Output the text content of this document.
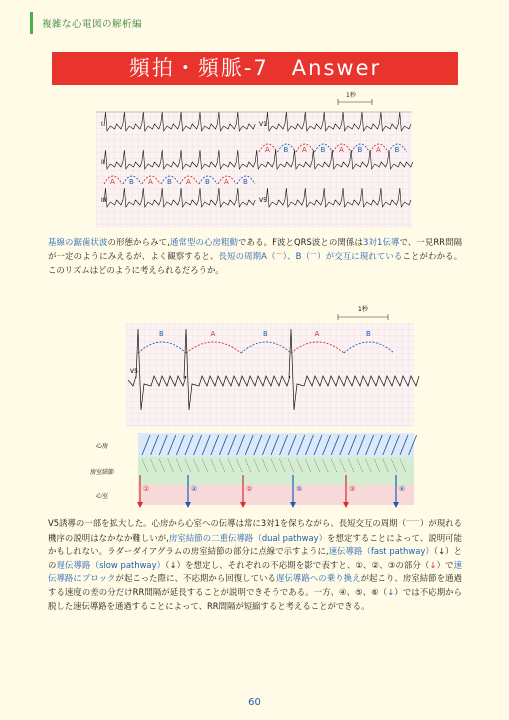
複雑な心電図の解析編
頻拍・頻脈-7　Answer
1秒
I	V1
II
III	V5
A B A B A B A B
A B A B A B A B
基線の鋸歯状波の形態からみて,通常型の心房粗動である。F波とQRS波との関係は3対1伝導で、一見RR間隔が一定のようにみえるが、よく観察すると、長短の周期A（⌒）、B（⌒）が交互に現れていることがわかる。このリズムはどのように考えられるだろうか。
1秒
V5
B	A	B	A	B
心房
房室結節
心室
①	④	②	⑤	③	⑥
V5誘導の一部を拡大した。心房から心室への伝導は常に3対1を保ちながら、長短交互の周期（⌒⌒）が現れる機序の説明はなかなか難しいが,房室結節の二重伝導路（dual pathway）を想定することによって、説明可能かもしれない。ラダーダイアグラムの房室結節の部分に点線で示すように,速伝導路（fast pathway）（↓）との遅伝導路（slow pathway）（↓）を想定し、それぞれの不応期を影で表すと、①、②、③の部分（↓）で速伝導路にブロックが起こった際に、不応期から回復している遅伝導路への乗り換えが起こり、房室結節を通過する速度の差の分だけRR間隔が延長することが説明できそうである。一方、④、⑤、⑥（↓）では不応期から脱した速伝導路を通過することによって、RR間隔が短縮すると考えることができる。
60
